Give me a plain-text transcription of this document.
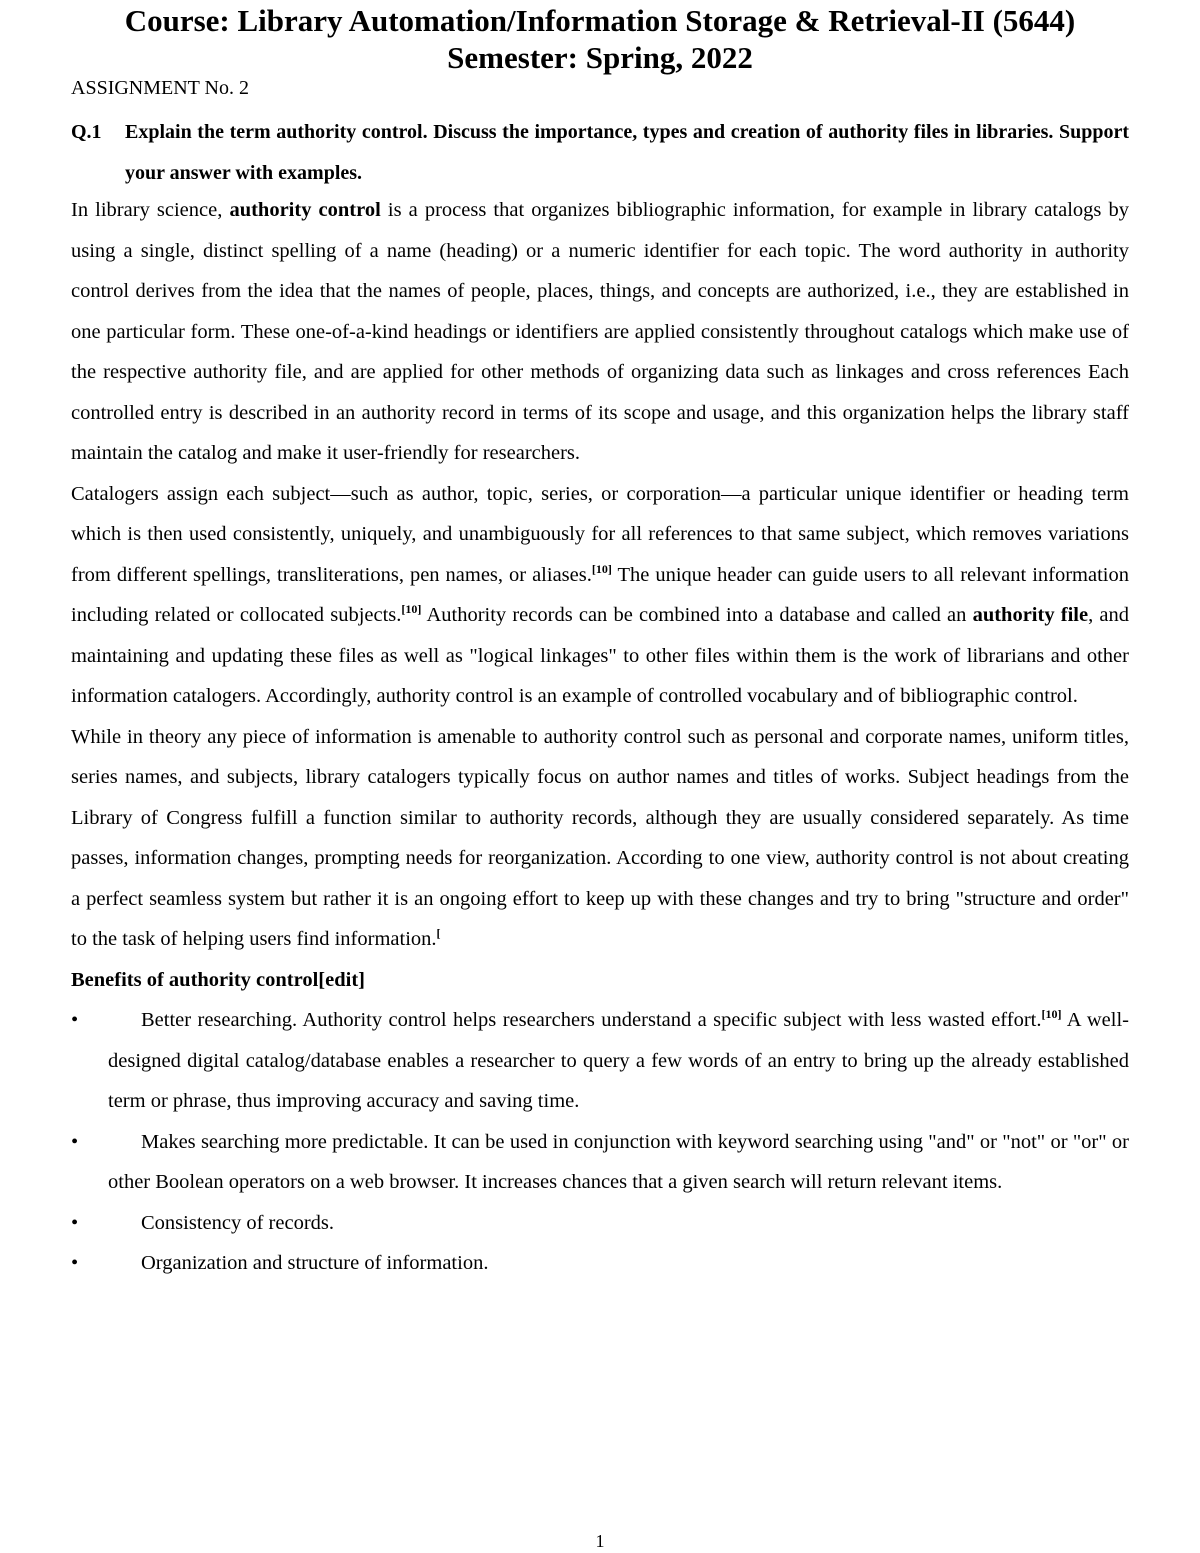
Course: Library Automation/Information Storage & Retrieval-II (5644)
Semester: Spring, 2022
ASSIGNMENT No. 2
Q.1	Explain the term authority control. Discuss the importance, types and creation of authority files in libraries. Support your answer with examples.

In library science, authority control is a process that organizes bibliographic information, for example in library catalogs by using a single, distinct spelling of a name (heading) or a numeric identifier for each topic. The word authority in authority control derives from the idea that the names of people, places, things, and concepts are authorized, i.e., they are established in one particular form. These one-of-a-kind headings or identifiers are applied consistently throughout catalogs which make use of the respective authority file, and are applied for other methods of organizing data such as linkages and cross references Each controlled entry is described in an authority record in terms of its scope and usage, and this organization helps the library staff maintain the catalog and make it user-friendly for researchers.

Catalogers assign each subject—such as author, topic, series, or corporation—a particular unique identifier or heading term which is then used consistently, uniquely, and unambiguously for all references to that same subject, which removes variations from different spellings, transliterations, pen names, or aliases.[10] The unique header can guide users to all relevant information including related or collocated subjects.[10] Authority records can be combined into a database and called an authority file, and maintaining and updating these files as well as "logical linkages" to other files within them is the work of librarians and other information catalogers. Accordingly, authority control is an example of controlled vocabulary and of bibliographic control.

While in theory any piece of information is amenable to authority control such as personal and corporate names, uniform titles, series names, and subjects, library catalogers typically focus on author names and titles of works. Subject headings from the Library of Congress fulfill a function similar to authority records, although they are usually considered separately. As time passes, information changes, prompting needs for reorganization. According to one view, authority control is not about creating a perfect seamless system but rather it is an ongoing effort to keep up with these changes and try to bring "structure and order" to the task of helping users find information.[

Benefits of authority control[edit]
•	Better researching. Authority control helps researchers understand a specific subject with less wasted effort.[10] A well-designed digital catalog/database enables a researcher to query a few words of an entry to bring up the already established term or phrase, thus improving accuracy and saving time.
•	Makes searching more predictable. It can be used in conjunction with keyword searching using "and" or "not" or "or" or other Boolean operators on a web browser. It increases chances that a given search will return relevant items.
•	Consistency of records.
•	Organization and structure of information.
1
